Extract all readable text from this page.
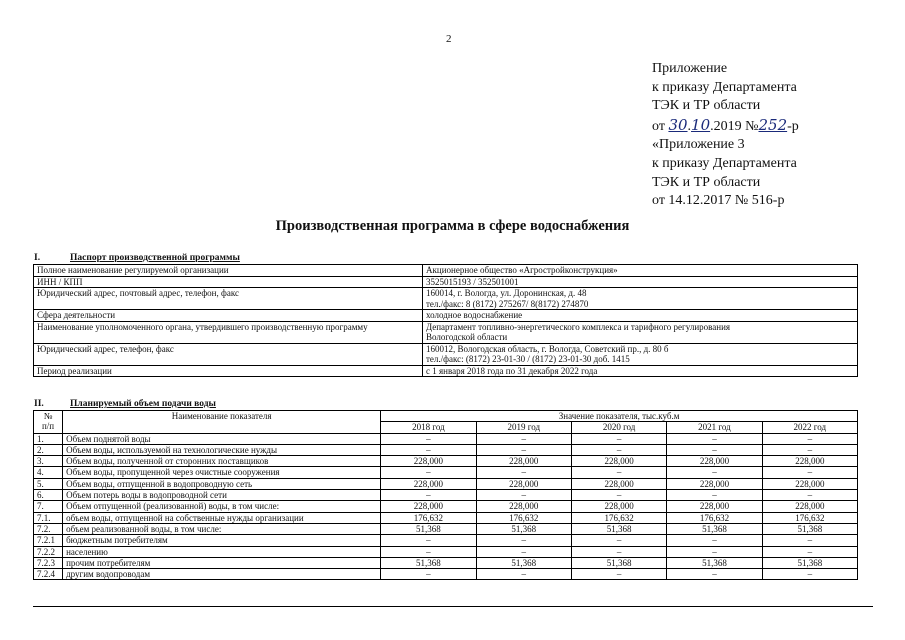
2
Приложение
к приказу Департамента
ТЭК и ТР области
от 30.10.2019 №252-р
«Приложение 3
к приказу Департамента
ТЭК и ТР области
от 14.12.2017 № 516-р
Производственная программа в сфере водоснабжения
I.	Паспорт производственной программы
Полное наименование регулируемой организации	Акционерное общество «Агростройконструкция»

ИНН / КПП	3525015193 / 352501001

Юридический адрес, почтовый адрес, телефон, факс	160014, г. Вологда, ул. Доронинская, д. 48
тел./факс: 8 (8172) 275267/ 8(8172) 274870

Сфера деятельности	холодное водоснабжение

Наименование уполномоченного органа, утвердившего производственную программу	Департамент топливно-энергетического комплекса и тарифного регулирования
Вологодской области

Юридический адрес, телефон, факс	160012, Вологодская область, г. Вологда, Советский пр., д. 80 б
тел./факс: (8172) 23-01-30 / (8172) 23-01-30 доб. 1415

Период реализации	с 1 января 2018 года по 31 декабря 2022 года
II.	Планируемый объем подачи воды
№
п/п	Наименование показателя	Значение показателя, тыс.куб.м				
		2018 год	2019 год	2020 год	2021 год	2022 год
1.	Объем поднятой воды	–	–	–	–	–
2.	Объем воды, используемой на технологические нужды	–	–	–	–	–
3.	Объем воды, полученной от сторонних поставщиков	228,000	228,000	228,000	228,000	228,000
4.	Объем воды, пропущенной через очистные сооружения	–	–	–	–	–
5.	Объем воды, отпущенной в водопроводную сеть	228,000	228,000	228,000	228,000	228,000
6.	Объем потерь воды в водопроводной сети	–	–	–	–	–
7.	Объем отпущенной (реализованной) воды, в том числе:	228,000	228,000	228,000	228,000	228,000
7.1.	объем воды, отпущенной на собственные нужды организации	176,632	176,632	176,632	176,632	176,632
7.2.	объем реализованной воды, в том числе:	51,368	51,368	51,368	51,368	51,368
7.2.1	бюджетным потребителям	–	–	–	–	–
7.2.2	населению	–	–	–	–	–
7.2.3	прочим потребителям	51,368	51,368	51,368	51,368	51,368
7.2.4	другим водопроводам	–	–	–	–	–
